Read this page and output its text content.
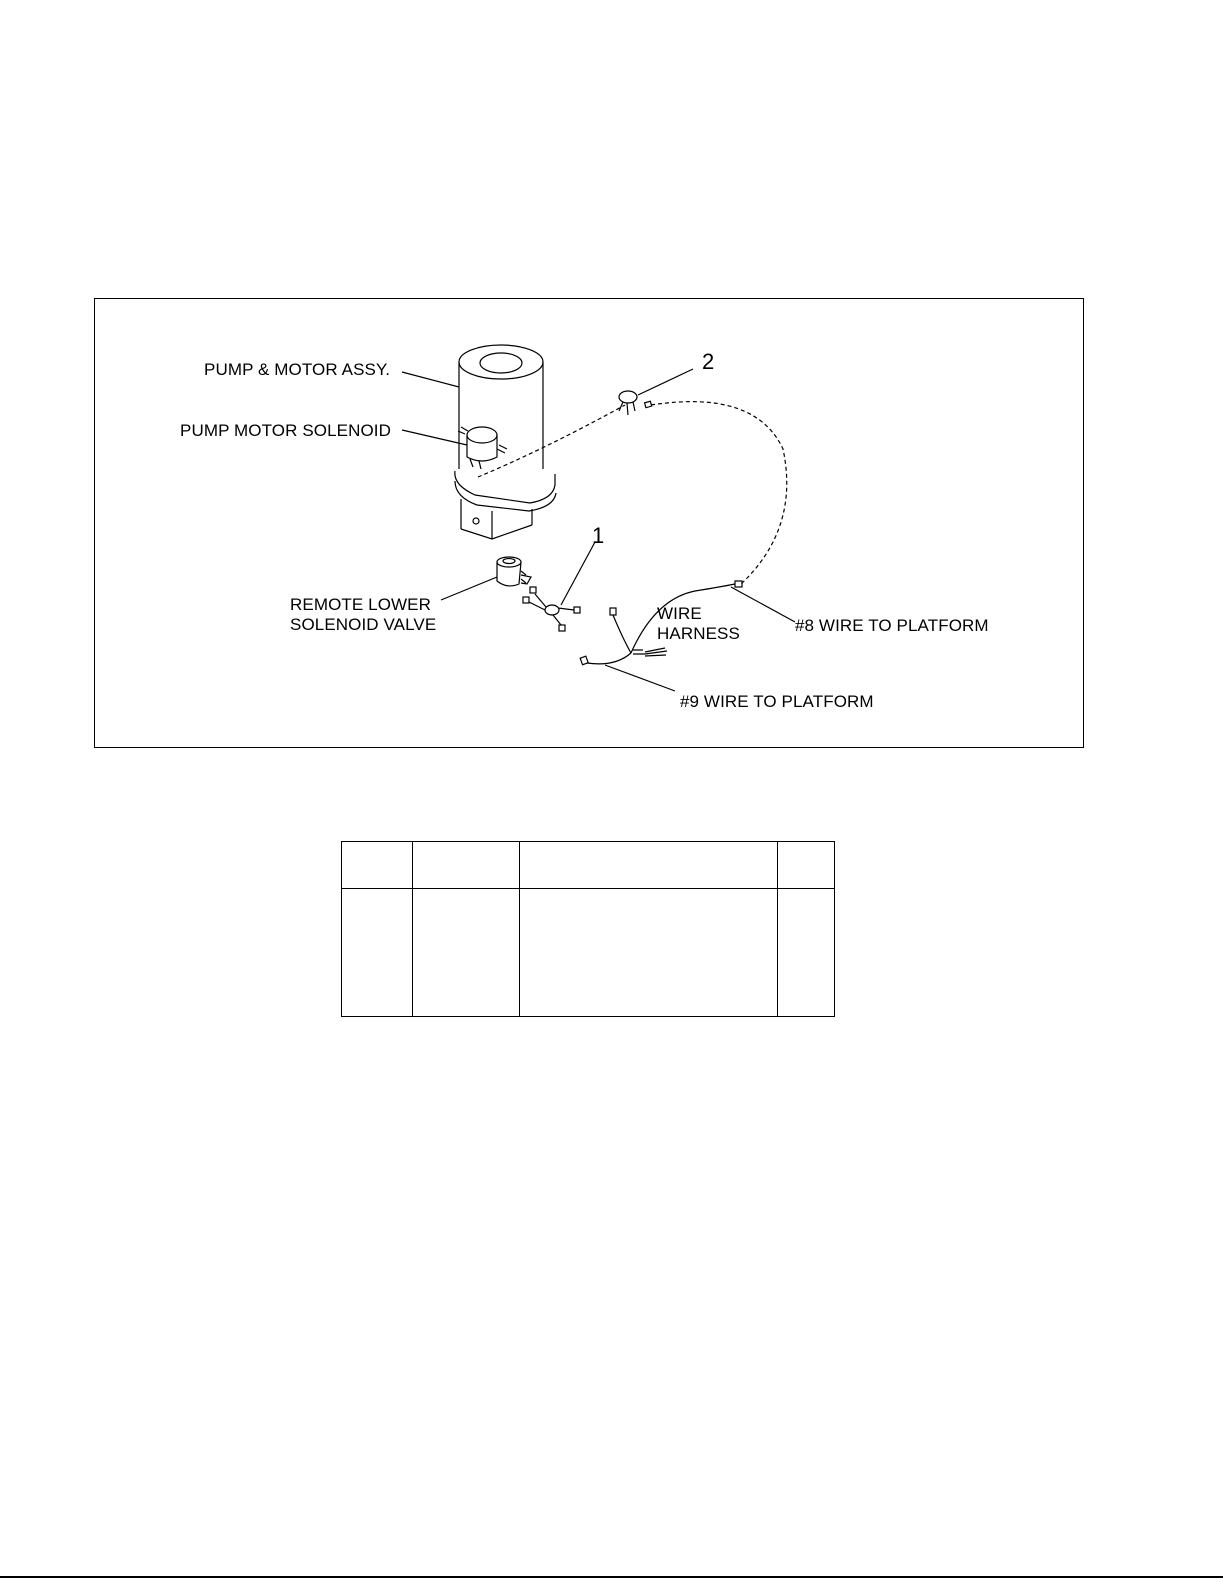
PUMP & MOTOR ASSY.
PUMP MOTOR SOLENOID
REMOTE LOWER
SOLENOID VALVE
WIRE
HARNESS	#8 WIRE TO PLATFORM
#9 WIRE TO PLATFORM
1
2
